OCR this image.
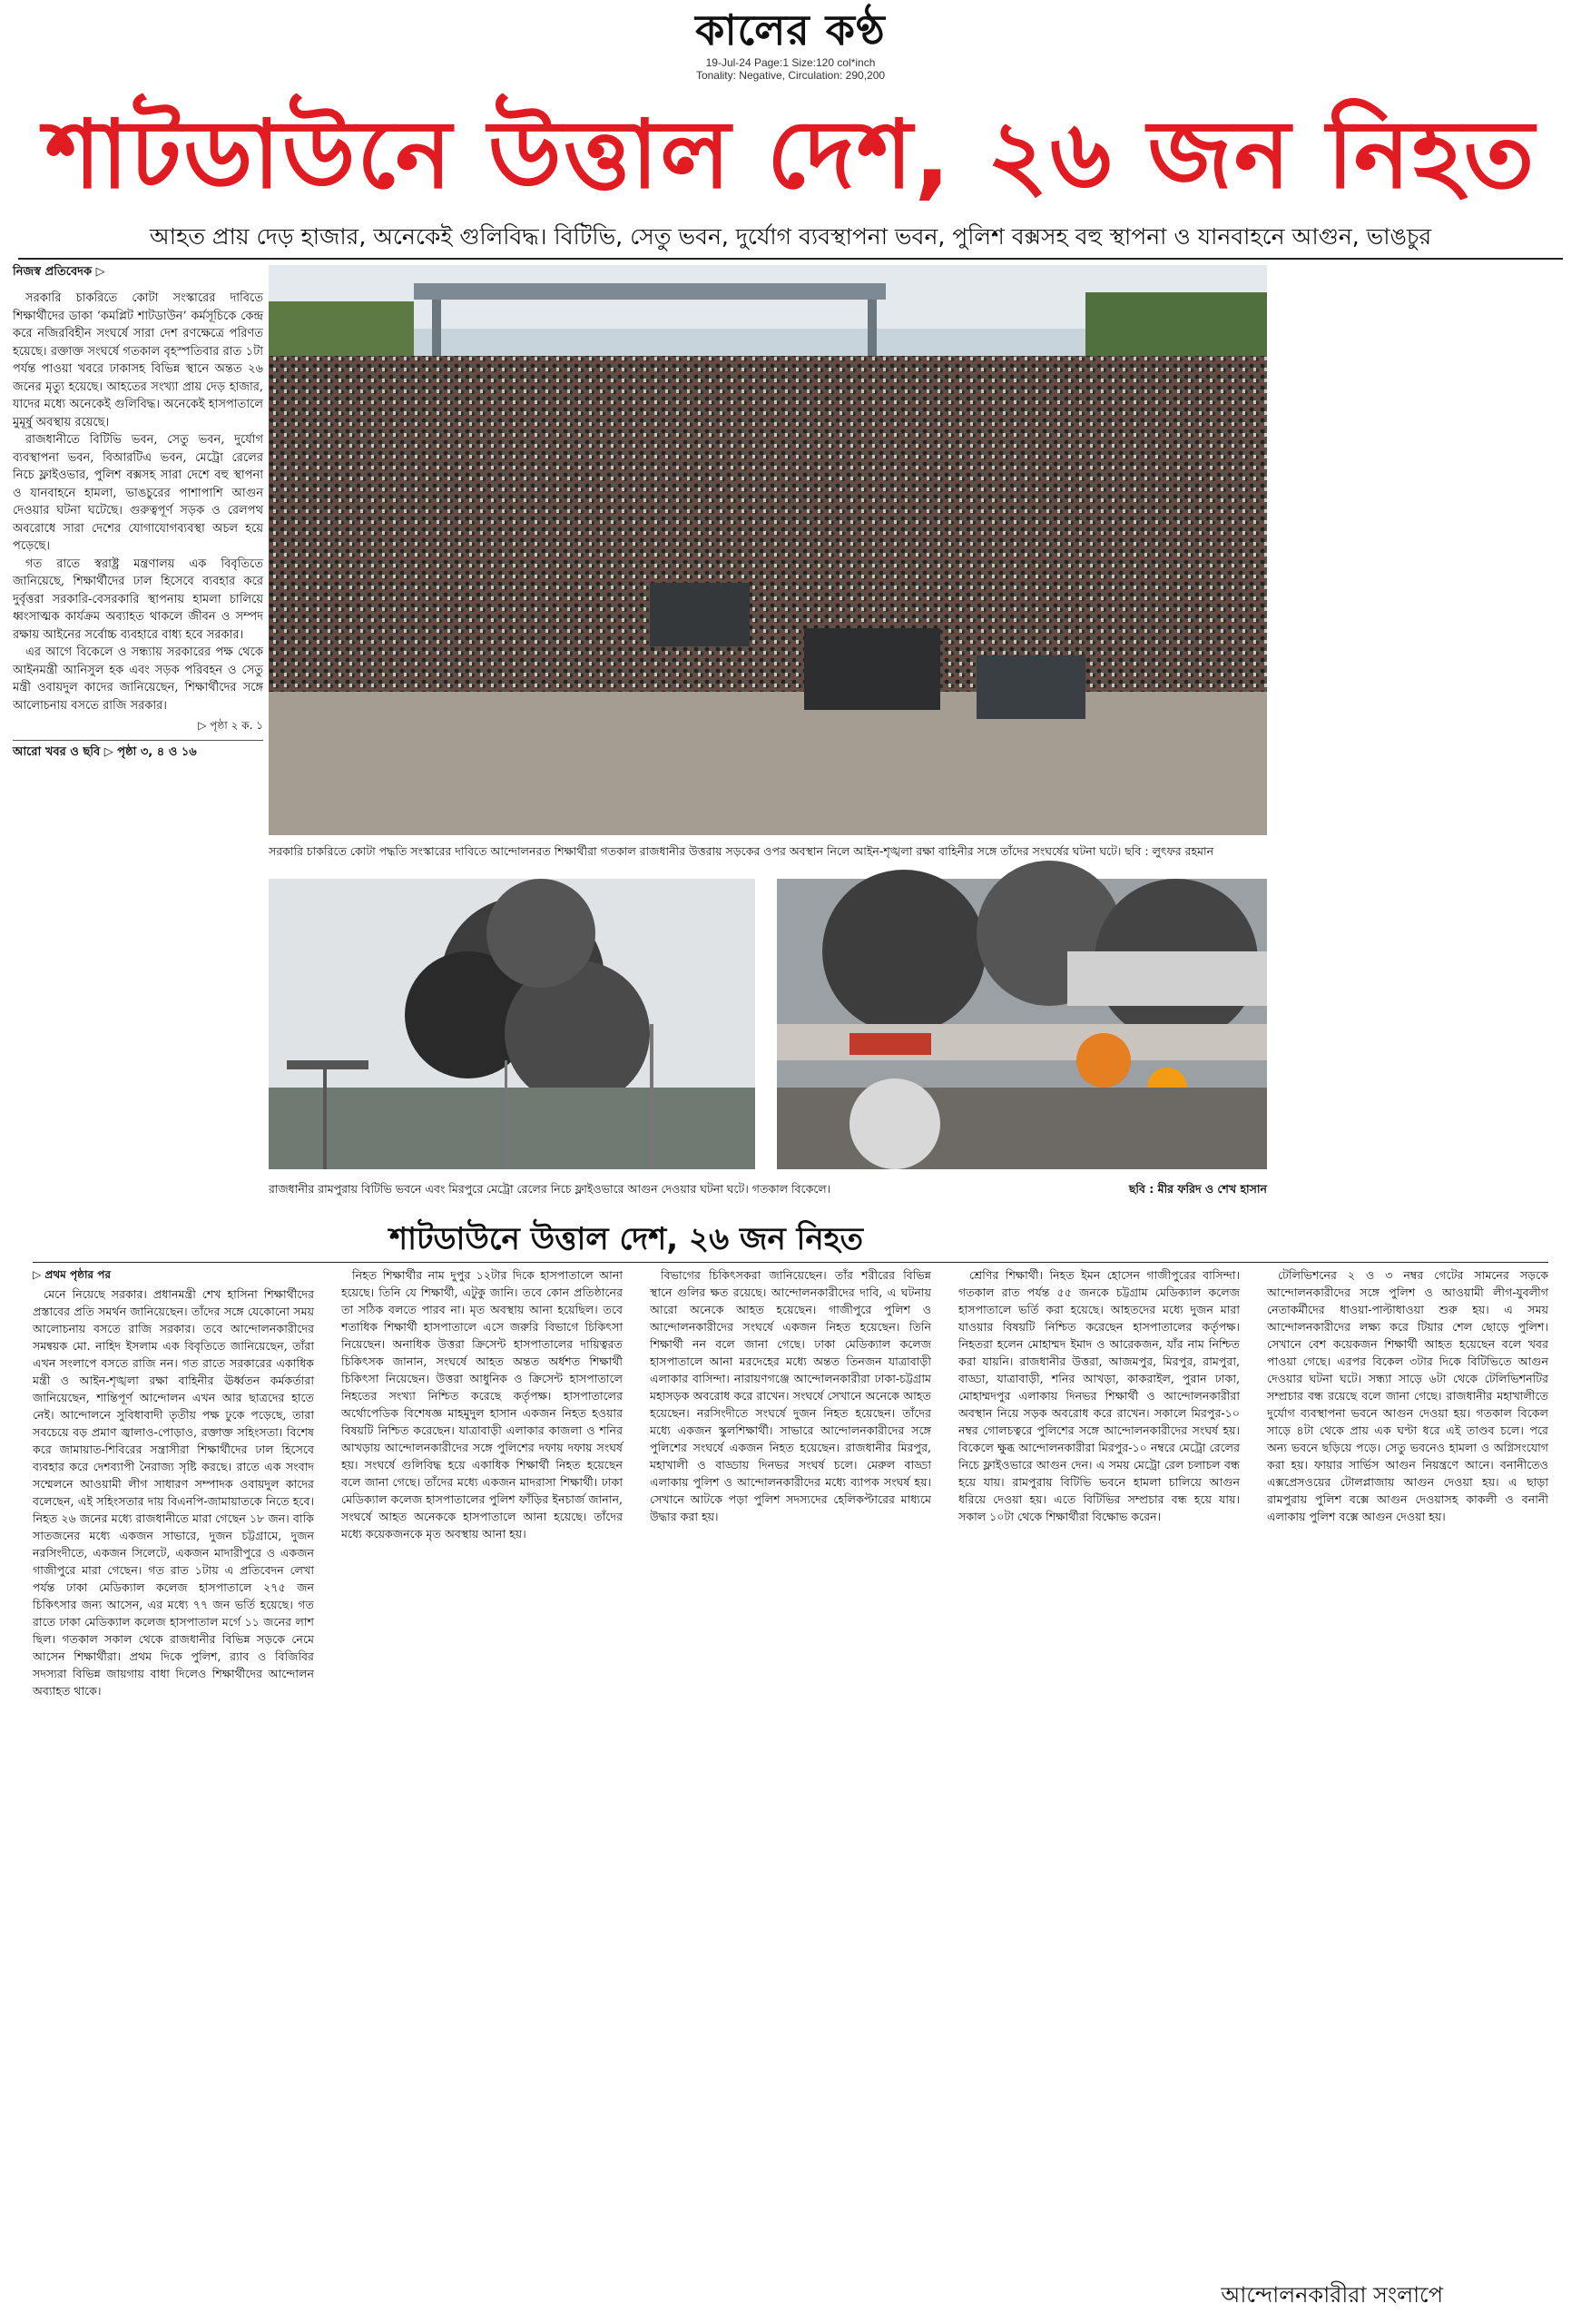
কালের কণ্ঠ
19-Jul-24 Page:1 Size:120 col*inch
Tonality: Negative, Circulation: 290,200
শাটডাউনে উত্তাল দেশ, ২৬ জন নিহত
আহত প্রায় দেড় হাজার, অনেকেই গুলিবিদ্ধ। বিটিভি, সেতু ভবন, দুর্যোগ ব্যবস্থাপনা ভবন, পুলিশ বক্সসহ বহু স্থাপনা ও যানবাহনে আগুন, ভাঙচুর
নিজস্ব প্রতিবেদক ▷

সরকারি চাকরিতে কোটা সংস্কারের দাবিতে শিক্ষার্থীদের ডাকা ‘কমপ্লিট শাটডাউন’ কর্মসূচিকে কেন্দ্র করে নজিরবিহীন সংঘর্ষে সারা দেশ রণক্ষেত্রে পরিণত হয়েছে। রক্তাক্ত সংঘর্ষে গতকাল বৃহস্পতিবার রাত ১টা পর্যন্ত পাওয়া খবরে ঢাকাসহ বিভিন্ন স্থানে অন্তত ২৬ জনের মৃত্যু হয়েছে। আহতের সংখ্যা প্রায় দেড় হাজার, যাদের মধ্যে অনেকেই গুলিবিদ্ধ। অনেকেই হাসপাতালে মুমূর্ষু অবস্থায় রয়েছে।

রাজধানীতে বিটিভি ভবন, সেতু ভবন, দুর্যোগ ব্যবস্থাপনা ভবন, বিআরটিএ ভবন, মেট্রো রেলের নিচে ফ্লাইওভার, পুলিশ বক্সসহ সারা দেশে বহু স্থাপনা ও যানবাহনে হামলা, ভাঙচুরের পাশাপাশি আগুন দেওয়ার ঘটনা ঘটেছে। গুরুত্বপূর্ণ সড়ক ও রেলপথ অবরোধে সারা দেশের যোগাযোগব্যবস্থা অচল হয়ে পড়েছে।

গত রাতে স্বরাষ্ট্র মন্ত্রণালয় এক বিবৃতিতে জানিয়েছে, শিক্ষার্থীদের ঢাল হিসেবে ব্যবহার করে দুর্বৃত্তরা সরকারি-বেসরকারি স্থাপনায় হামলা চালিয়ে ধ্বংসাত্মক কার্যক্রম অব্যাহত থাকলে জীবন ও সম্পদ রক্ষায় আইনের সর্বোচ্চ ব্যবহারে বাধ্য হবে সরকার।

এর আগে বিকেলে ও সন্ধ্যায় সরকারের পক্ষ থেকে আইনমন্ত্রী আনিসুল হক এবং সড়ক পরিবহন ও সেতু মন্ত্রী ওবায়দুল কাদের জানিয়েছেন, শিক্ষার্থীদের সঙ্গে আলোচনায় বসতে রাজি সরকার।

▷ পৃষ্ঠা ২ ক. ১
আরো খবর ও ছবি ▷ পৃষ্ঠা ৩, ৪ ও ১৬
সরকারি চাকরিতে কোটা পদ্ধতি সংস্কারের দাবিতে আন্দোলনরত শিক্ষার্থীরা গতকাল রাজধানীর উত্তরায় সড়কের ওপর অবস্থান নিলে আইন-শৃঙ্খলা রক্ষা বাহিনীর সঙ্গে তাঁদের সংঘর্ষের ঘটনা ঘটে। ছবি : লুৎফর রহমান
রাজধানীর রামপুরায় বিটিভি ভবনে এবং মিরপুরে মেট্রো রেলের নিচে ফ্লাইওভারে আগুন দেওয়ার ঘটনা ঘটে। গতকাল বিকেলে।	ছবি : মীর ফরিদ ও শেখ হাসান
শাটডাউনে উত্তাল দেশ, ২৬ জন নিহত

▷ প্রথম পৃষ্ঠার পর

মেনে নিয়েছে সরকার। প্রধানমন্ত্রী শেখ হাসিনা শিক্ষার্থীদের প্রস্তাবের প্রতি সমর্থন জানিয়েছেন। তাঁদের সঙ্গে যেকোনো সময় আলোচনায় বসতে রাজি সরকার। তবে আন্দোলনকারীদের সমন্বয়ক মো. নাহিদ ইসলাম এক বিবৃতিতে জানিয়েছেন, তাঁরা এখন সংলাপে বসতে রাজি নন। গত রাতে সরকারের একাধিক মন্ত্রী ও আইন-শৃঙ্খলা রক্ষা বাহিনীর ঊর্ধ্বতন কর্মকর্তারা জানিয়েছেন, শান্তিপূর্ণ আন্দোলন এখন আর ছাত্রদের হাতে নেই। আন্দোলনে সুবিধাবাদী তৃতীয় পক্ষ ঢুকে পড়েছে, তারা সবচেয়ে বড় প্রমাণ জ্বালাও-পোড়াও, রক্তাক্ত সহিংসতা। বিশেষ করে জামায়াত-শিবিরের সন্ত্রাসীরা শিক্ষার্থীদের ঢাল হিসেবে ব্যবহার করে দেশব্যাপী নৈরাজ্য সৃষ্টি করছে। রাতে এক সংবাদ সম্মেলনে আওয়ামী লীগ সাধারণ সম্পাদক ওবায়দুল কাদের বলেছেন, এই সহিংসতার দায় বিএনপি-জামায়াতকে নিতে হবে। নিহত ২৬ জনের মধ্যে রাজধানীতে মারা গেছেন ১৮ জন। বাকি সাতজনের মধ্যে একজন সাভারে, দুজন চট্টগ্রামে, দুজন নরসিংদীতে, একজন সিলেটে, একজন মাদারীপুরে ও একজন গাজীপুরে মারা গেছেন। গত রাত ১টায় এ প্রতিবেদন লেখা পর্যন্ত ঢাকা মেডিক্যাল কলেজ হাসপাতালে ২৭৫ জন চিকিৎসার জন্য আসেন, এর মধ্যে ৭৭ জন ভর্তি হয়েছে। গত রাতে ঢাকা মেডিক্যাল কলেজ হাসপাতাল মর্গে ১১ জনের লাশ ছিল। গতকাল সকাল থেকে রাজধানীর বিভিন্ন সড়কে নেমে আসেন শিক্ষার্থীরা। প্রথম দিকে পুলিশ, র‍্যাব ও বিজিবির সদস্যরা বিভিন্ন জায়গায় বাধা দিলেও শিক্ষার্থীদের আন্দোলন অব্যাহত থাকে।

নিহত শিক্ষার্থীর নাম দুপুর ১২টার দিকে হাসপাতালে আনা হয়েছে। তিনি যে শিক্ষার্থী, এটুকু জানি। তবে কোন প্রতিষ্ঠানের তা সঠিক বলতে পারব না। মৃত অবস্থায় আনা হয়েছিল। তবে শতাধিক শিক্ষার্থী হাসপাতালে এসে জরুরি বিভাগে চিকিৎসা নিয়েছেন। অনাধিক উত্তরা ক্রিসেন্ট হাসপাতালের দায়িত্বরত চিকিৎসক জানান, সংঘর্ষে আহত অন্তত অর্ধশত শিক্ষার্থী চিকিৎসা নিয়েছেন। উত্তরা আধুনিক ও ক্রিসেন্ট হাসপাতালে নিহতের সংখ্যা নিশ্চিত করেছে কর্তৃপক্ষ। হাসপাতালের অর্থোপেডিক বিশেষজ্ঞ মাহমুদুল হাসান একজন নিহত হওয়ার বিষয়টি নিশ্চিত করেছেন। যাত্রাবাড়ী এলাকার কাজলা ও শনির আখড়ায় আন্দোলনকারীদের সঙ্গে পুলিশের দফায় দফায় সংঘর্ষ হয়। সংঘর্ষে গুলিবিদ্ধ হয়ে একাধিক শিক্ষার্থী নিহত হয়েছেন বলে জানা গেছে। তাঁদের মধ্যে একজন মাদরাসা শিক্ষার্থী। ঢাকা মেডিক্যাল কলেজ হাসপাতালের পুলিশ ফাঁড়ির ইনচার্জ জানান, সংঘর্ষে আহত অনেককে হাসপাতালে আনা হয়েছে। তাঁদের মধ্যে কয়েকজনকে মৃত অবস্থায় আনা হয়।

বিভাগের চিকিৎসকরা জানিয়েছেন। তাঁর শরীরের বিভিন্ন স্থানে গুলির ক্ষত রয়েছে। আন্দোলনকারীদের দাবি, এ ঘটনায় আরো অনেকে আহত হয়েছেন। গাজীপুরে পুলিশ ও আন্দোলনকারীদের সংঘর্ষে একজন নিহত হয়েছেন। তিনি শিক্ষার্থী নন বলে জানা গেছে। ঢাকা মেডিক্যাল কলেজ হাসপাতালে আনা মরদেহের মধ্যে অন্তত তিনজন যাত্রাবাড়ী এলাকার বাসিন্দা। নারায়ণগঞ্জে আন্দোলনকারীরা ঢাকা-চট্টগ্রাম মহাসড়ক অবরোধ করে রাখেন। সংঘর্ষে সেখানে অনেকে আহত হয়েছেন। নরসিংদীতে সংঘর্ষে দুজন নিহত হয়েছেন। তাঁদের মধ্যে একজন স্কুলশিক্ষার্থী। সাভারে আন্দোলনকারীদের সঙ্গে পুলিশের সংঘর্ষে একজন নিহত হয়েছেন। রাজধানীর মিরপুর, মহাখালী ও বাড্ডায় দিনভর সংঘর্ষ চলে। মেরুল বাড্ডা এলাকায় পুলিশ ও আন্দোলনকারীদের মধ্যে ব্যাপক সংঘর্ষ হয়। সেখানে আটকে পড়া পুলিশ সদস্যদের হেলিকপ্টারের মাধ্যমে উদ্ধার করা হয়।

শ্রেণির শিক্ষার্থী। নিহত ইমন হোসেন গাজীপুরের বাসিন্দা। গতকাল রাত পর্যন্ত ৫৫ জনকে চট্টগ্রাম মেডিক্যাল কলেজ হাসপাতালে ভর্তি করা হয়েছে। আহতদের মধ্যে দুজন মারা যাওয়ার বিষয়টি নিশ্চিত করেছেন হাসপাতালের কর্তৃপক্ষ। নিহতরা হলেন মোহাম্মদ ইমাদ ও আরেকজন, যাঁর নাম নিশ্চিত করা যায়নি। রাজধানীর উত্তরা, আজমপুর, মিরপুর, রামপুরা, বাড্ডা, যাত্রাবাড়ী, শনির আখড়া, কাকরাইল, পুরান ঢাকা, মোহাম্মদপুর এলাকায় দিনভর শিক্ষার্থী ও আন্দোলনকারীরা অবস্থান নিয়ে সড়ক অবরোধ করে রাখেন। সকালে মিরপুর-১০ নম্বর গোলচত্বরে পুলিশের সঙ্গে আন্দোলনকারীদের সংঘর্ষ হয়। বিকেলে ক্ষুব্ধ আন্দোলনকারীরা মিরপুর-১০ নম্বরে মেট্রো রেলের নিচে ফ্লাইওভারে আগুন দেন। এ সময় মেট্রো রেল চলাচল বন্ধ হয়ে যায়। রামপুরায় বিটিভি ভবনে হামলা চালিয়ে আগুন ধরিয়ে দেওয়া হয়। এতে বিটিভির সম্প্রচার বন্ধ হয়ে যায়। সকাল ১০টা থেকে শিক্ষার্থীরা বিক্ষোভ করেন।

টেলিভিশনের ২ ও ৩ নম্বর গেটের সামনের সড়কে আন্দোলনকারীদের সঙ্গে পুলিশ ও আওয়ামী লীগ-যুবলীগ নেতাকর্মীদের ধাওয়া-পাল্টাধাওয়া শুরু হয়। এ সময় আন্দোলনকারীদের লক্ষ্য করে টিয়ার শেল ছোড়ে পুলিশ। সেখানে বেশ কয়েকজন শিক্ষার্থী আহত হয়েছেন বলে খবর পাওয়া গেছে। এরপর বিকেল ৩টার দিকে বিটিভিতে আগুন দেওয়ার ঘটনা ঘটে। সন্ধ্যা সাড়ে ৬টা থেকে টেলিভিশনটির সম্প্রচার বন্ধ রয়েছে বলে জানা গেছে। রাজধানীর মহাখালীতে দুর্যোগ ব্যবস্থাপনা ভবনে আগুন দেওয়া হয়। গতকাল বিকেল সাড়ে ৪টা থেকে প্রায় এক ঘণ্টা ধরে এই তাণ্ডব চলে। পরে অন্য ভবনে ছড়িয়ে পড়ে। সেতু ভবনেও হামলা ও অগ্নিসংযোগ করা হয়। ফায়ার সার্ভিস আগুন নিয়ন্ত্রণে আনে। বনানীতেও এক্সপ্রেসওয়ের টোলপ্লাজায় আগুন দেওয়া হয়। এ ছাড়া রামপুরায় পুলিশ বক্সে আগুন দেওয়াসহ কাকলী ও বনানী এলাকায় পুলিশ বক্সে আগুন দেওয়া হয়।

আন্দোলনকারীরা সংলাপে
